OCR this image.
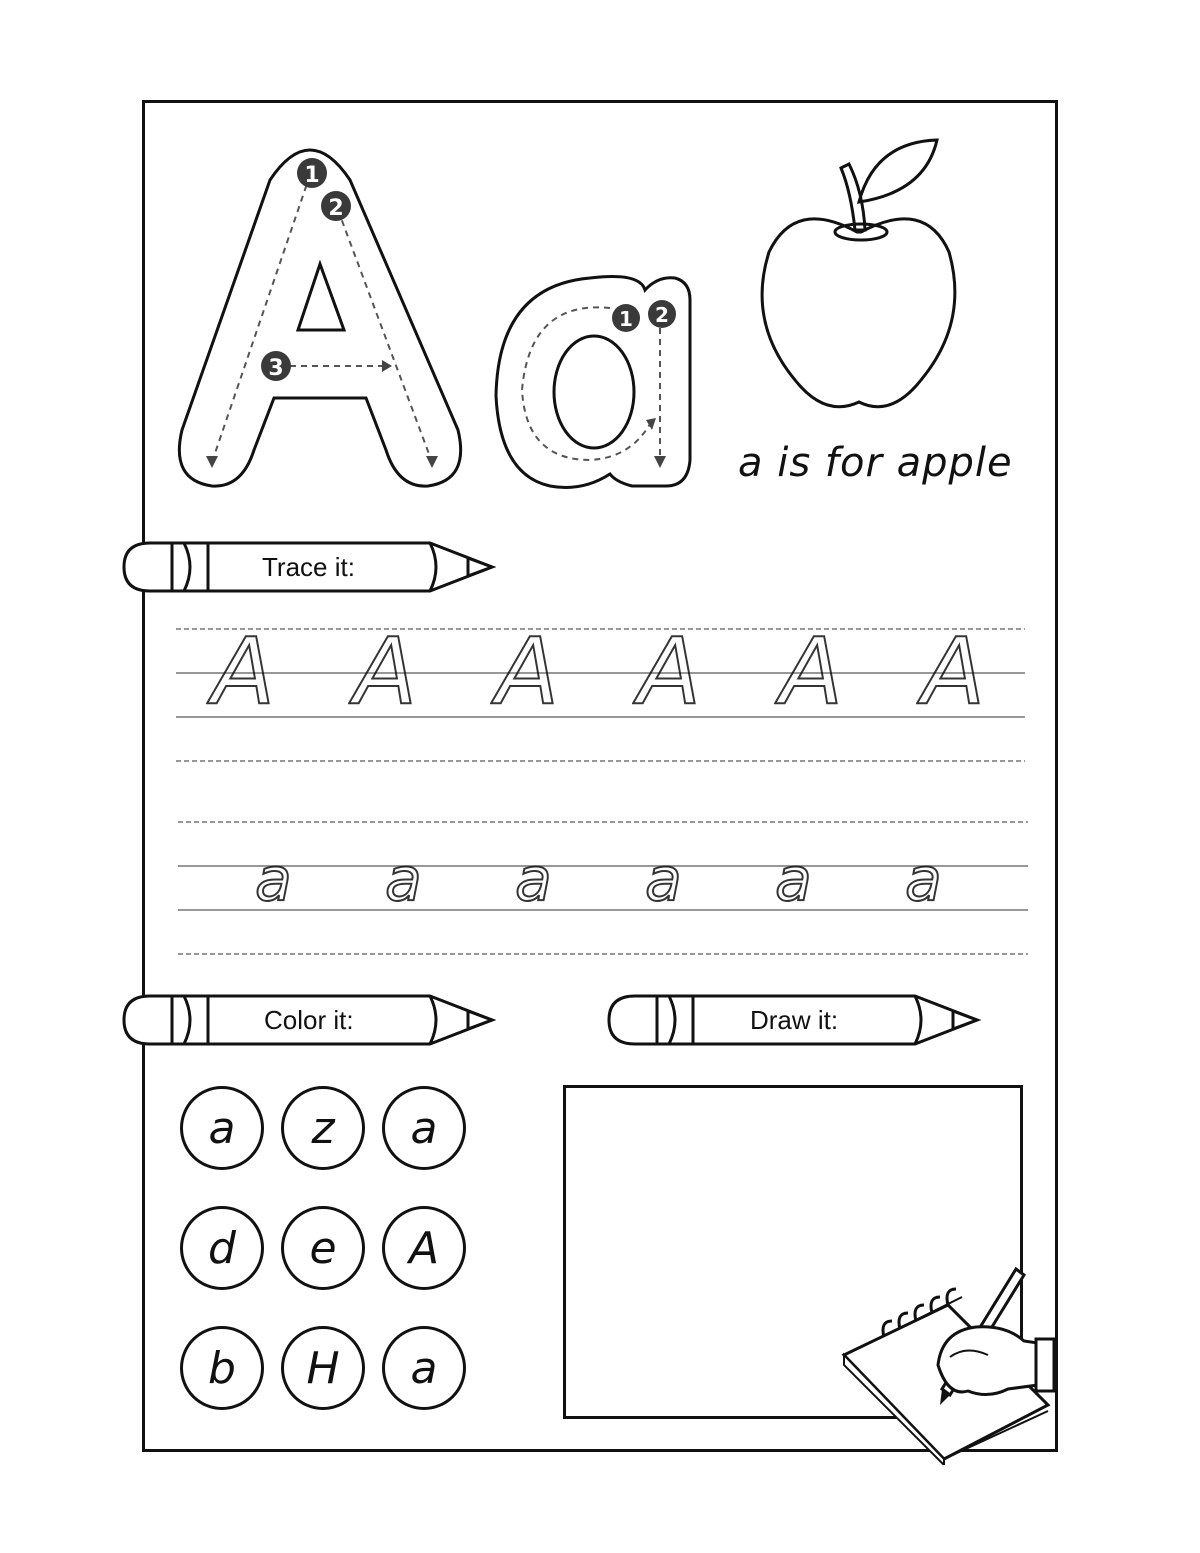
1
2
3
1 2
a is for apple
Trace it:
A A A A A A
a a a a a a
Color it:	Draw it:
a	z	a
d	e	A
b	H	a
